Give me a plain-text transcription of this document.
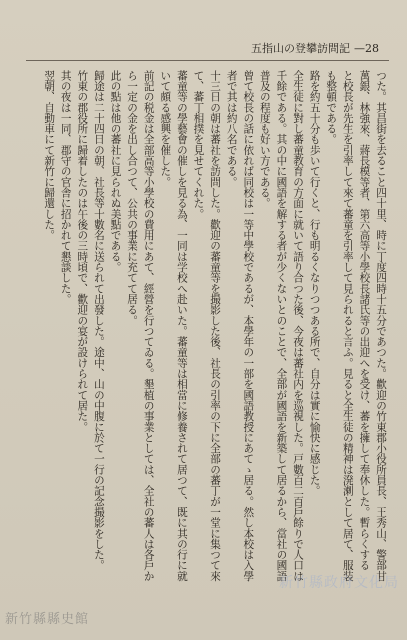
五指山の登攀訪問記 —28

つた。其昌街を去ること四十里、時に丁度四時十五分であつた。歡迎の竹東郡小役所員長、王秀山、警部甘萬銀、林強來、蔣長模等者、第六高等小學校長諸氏等の出迎へを受け、蕃を擁して奉休した。暫らくする と校長が先生を引率して來て蕃童を引率して見られると言ふ。見ると全生徒の精神は溌溂として居て、服装も整頓である。

路を約五十分も歩いて行くと、行も明るくなりつつある所で、自分は實に愉快に感じた。

全生徒に對し蕃童教育の方面に就いて語り合つた後、今夜は蕃社内を巡視した。戸數百二百戶餘りで人口は千餘である。其の中に國語を解する者が少くないとのことで、全部が國語を新築して居るから、當社の國語普及の程度も好い方である。

曾て校長の話に依れば同校は一等中學校であるが、本學年の一部を國語教授にあてゝ居る。然し本校は入學者で其は約八名である。

十三日の朝は蕃社を訪問した。歡迎の蕃童等を撮影した後、社長の引率の下に全部の蕃丁が一堂に集つて來て、蕃丁相撲を見せてくれた。

蕃童等の學藝會の催しを見る為、一同は学校へ赴いた。蕃童等は相當に修養されて居つて、既に其の行に就いて頗る感興を催した。

前記の税金は全部高等小學校の費用にあて、經營を行つてゐる。墾植の事業としては、全社の蕃人は各戶から一定の金を出し合つて、公共の事業に充てて居る。

此の點は他の蕃社に見られぬ美點である。

歸途は二十四日の朝、社長等十數名に送られて出發した。途中、山の中腹に於て一行の記念撮影をした。

竹東の郡役所に歸着したのは午後の三時頃で、歡迎の宴が設けられて居た。

其の夜は一同、郡守の官舎に招かれて懇談した。

翌朝、自動車にて新竹に歸還した。

新竹縣政府文化局
新竹縣縣史館
